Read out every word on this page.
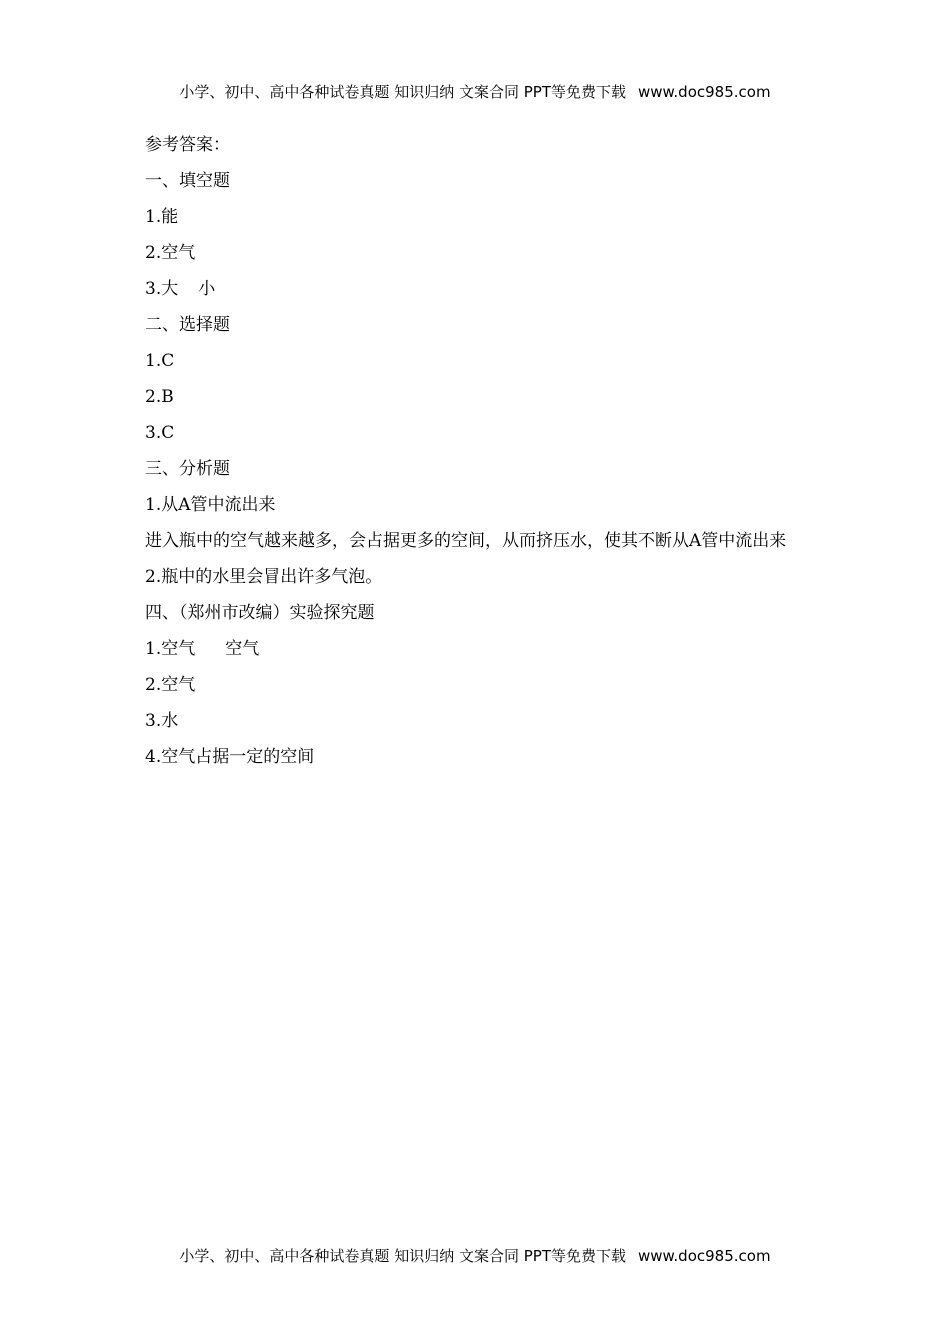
小学、初中、高中各种试卷真题 知识归纳 文案合同 PPT等免费下载 www.doc985.com

参考答案：

一、填空题

1.能

2.空气

3.大 小

二、选择题

1.C

2.B

3.C

三、分析题

1.从A管中流出来

进入瓶中的空气越来越多，会占据更多的空间，从而挤压水，使其不断从A管中流出来

2.瓶中的水里会冒出许多气泡。

四、（郑州市改编）实验探究题

1.空气 空气

2.空气

3.水

4.空气占据一定的空间

小学、初中、高中各种试卷真题 知识归纳 文案合同 PPT等免费下载 www.doc985.com
